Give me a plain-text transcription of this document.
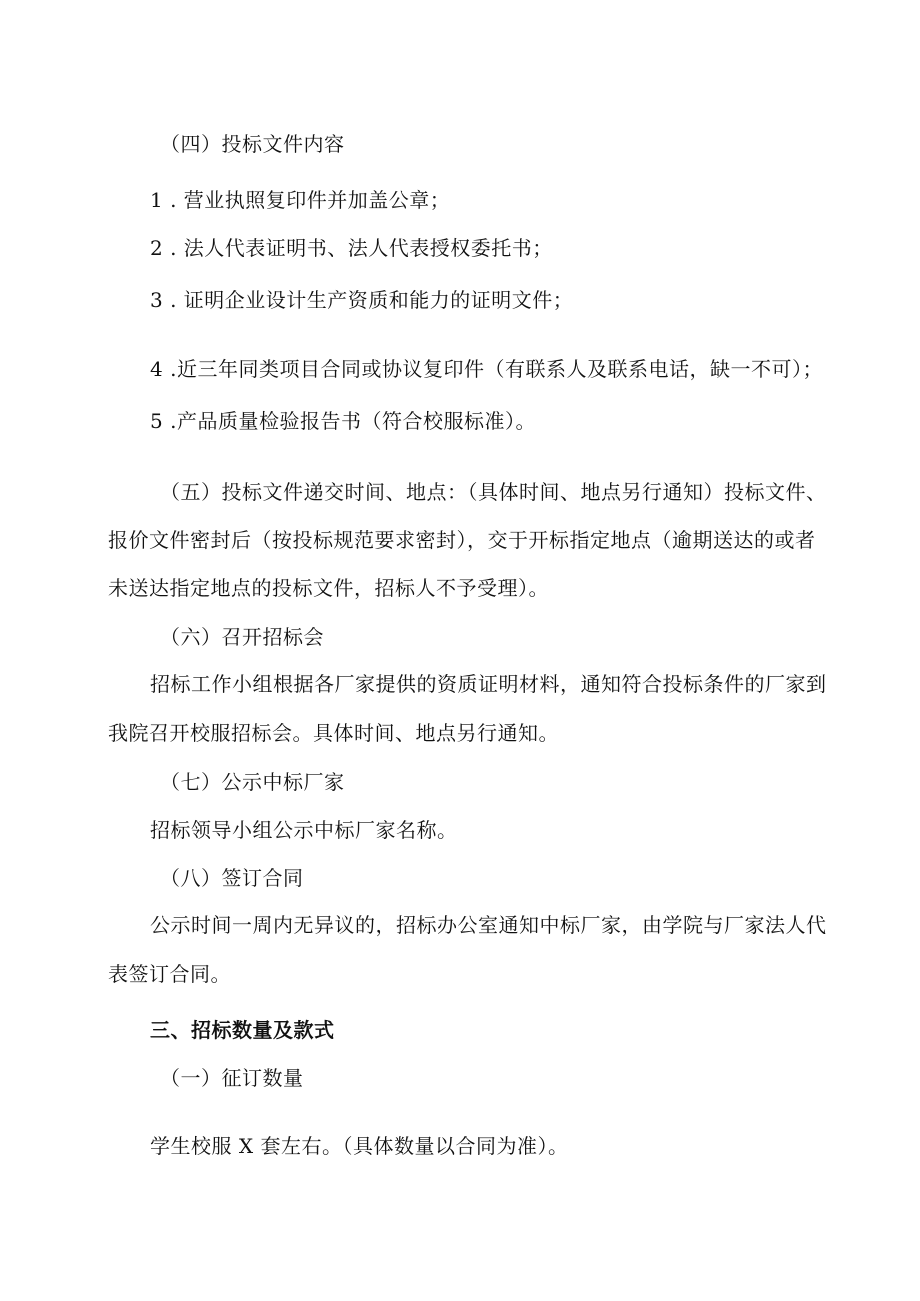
（四）投标文件内容
1 . 营业执照复印件并加盖公章；
2 . 法人代表证明书、法人代表授权委托书；
3 . 证明企业设计生产资质和能力的证明文件；
4 .近三年同类项目合同或协议复印件（有联系人及联系电话，缺一不可）；
5 .产品质量检验报告书（符合校服标准）。
（五）投标文件递交时间、地点：（具体时间、地点另行通知）投标文件、
报价文件密封后（按投标规范要求密封），交于开标指定地点（逾期送达的或者
未送达指定地点的投标文件，招标人不予受理）。
（六）召开招标会
招标工作小组根据各厂家提供的资质证明材料，通知符合投标条件的厂家到
我院召开校服招标会。具体时间、地点另行通知。
（七）公示中标厂家
招标领导小组公示中标厂家名称。
（八）签订合同
公示时间一周内无异议的，招标办公室通知中标厂家，由学院与厂家法人代
表签订合同。
三、招标数量及款式
（一）征订数量
学生校服 X 套左右。（具体数量以合同为准）。
